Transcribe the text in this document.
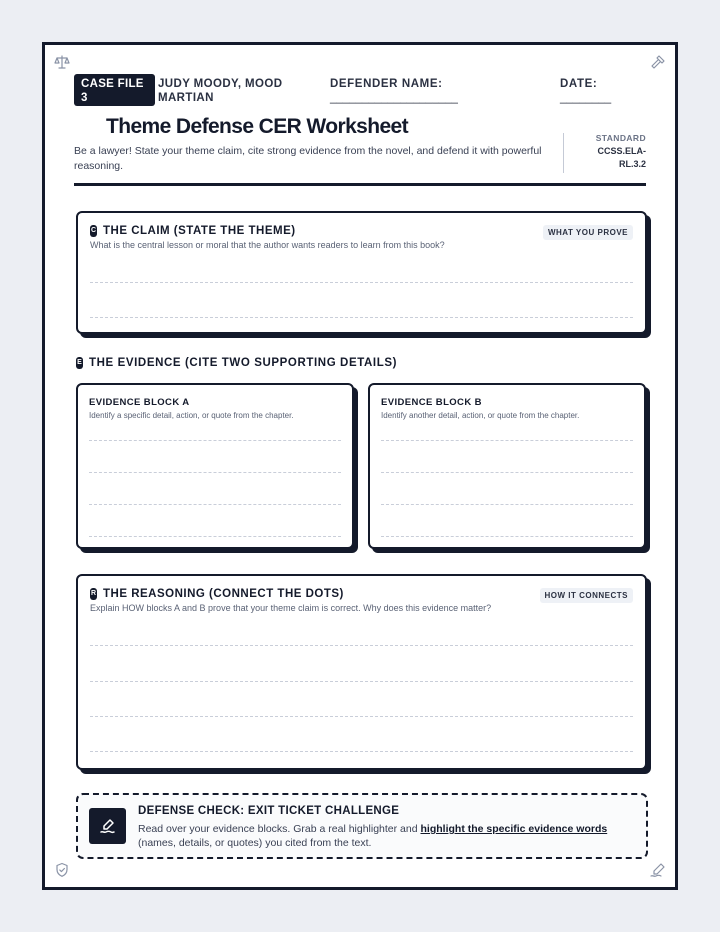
CASE FILE 3
JUDY MOODY, MOOD MARTIAN
DEFENDER NAME:
____________________
DATE:
________
Theme Defense CER Worksheet
Be a lawyer! State your theme claim, cite strong evidence from the novel, and defend it with powerful reasoning.
STANDARD
CCSS.ELA-RL.3.2
C THE CLAIM (STATE THE THEME)	WHAT YOU PROVE
What is the central lesson or moral that the author wants readers to learn from this book?
E THE EVIDENCE (CITE TWO SUPPORTING DETAILS)
EVIDENCE BLOCK A
Identify a specific detail, action, or quote from the chapter.
EVIDENCE BLOCK B
Identify another detail, action, or quote from the chapter.
R THE REASONING (CONNECT THE DOTS)	HOW IT CONNECTS
Explain HOW blocks A and B prove that your theme claim is correct. Why does this evidence matter?
DEFENSE CHECK: EXIT TICKET CHALLENGE
Read over your evidence blocks. Grab a real highlighter and highlight the specific evidence words (names, details, or quotes) you cited from the text.
